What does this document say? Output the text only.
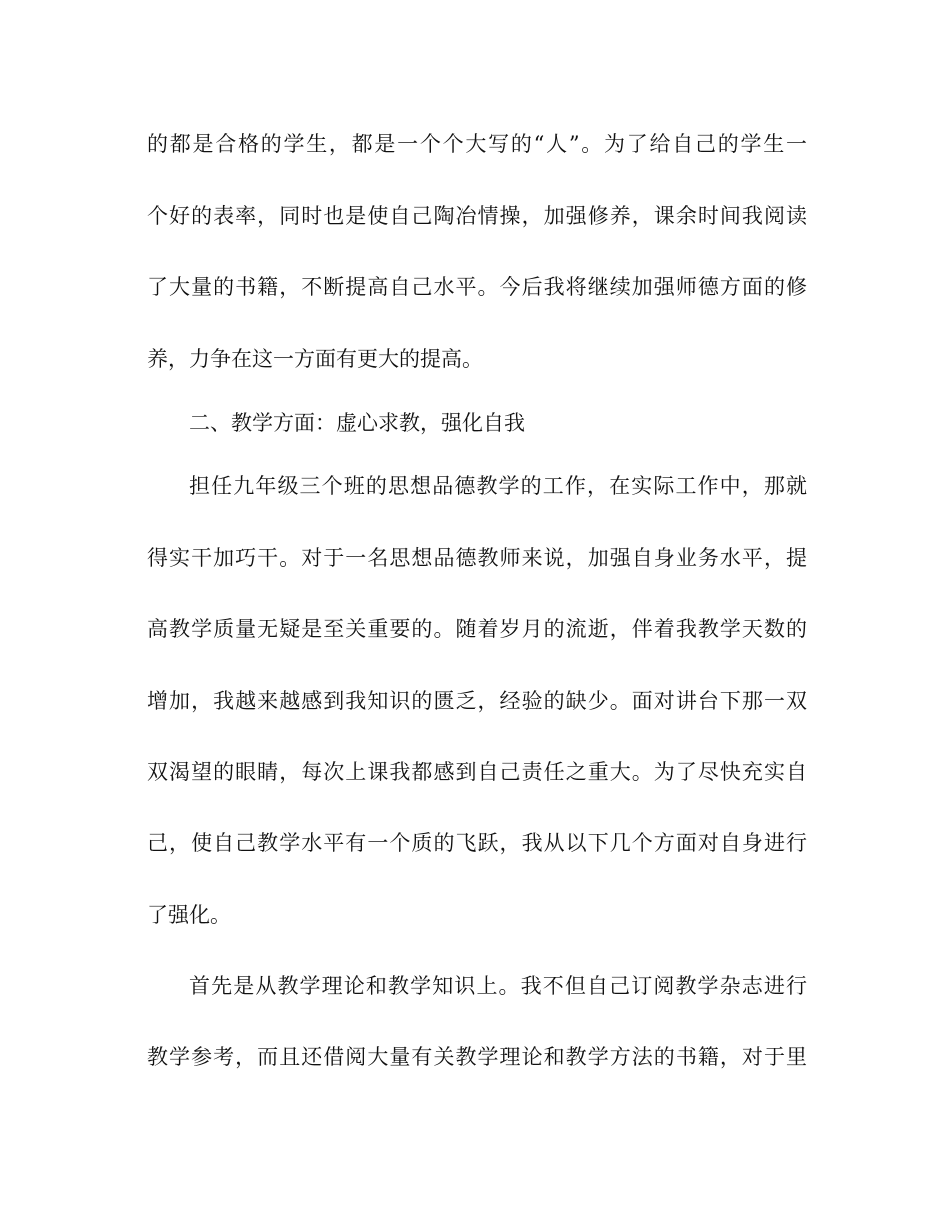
的都是合格的学生，都是一个个大写的“人”。为了给自己的学生一

个好的表率，同时也是使自己陶冶情操，加强修养，课余时间我阅读

了大量的书籍，不断提高自己水平。今后我将继续加强师德方面的修

养，力争在这一方面有更大的提高。

二、教学方面：虚心求教，强化自我

担任九年级三个班的思想品德教学的工作，在实际工作中，那就

得实干加巧干。对于一名思想品德教师来说，加强自身业务水平，提

高教学质量无疑是至关重要的。随着岁月的流逝，伴着我教学天数的

增加，我越来越感到我知识的匮乏，经验的缺少。面对讲台下那一双

双渴望的眼睛，每次上课我都感到自己责任之重大。为了尽快充实自

己，使自己教学水平有一个质的飞跃，我从以下几个方面对自身进行

了强化。

首先是从教学理论和教学知识上。我不但自己订阅教学杂志进行

教学参考，而且还借阅大量有关教学理论和教学方法的书籍，对于里
